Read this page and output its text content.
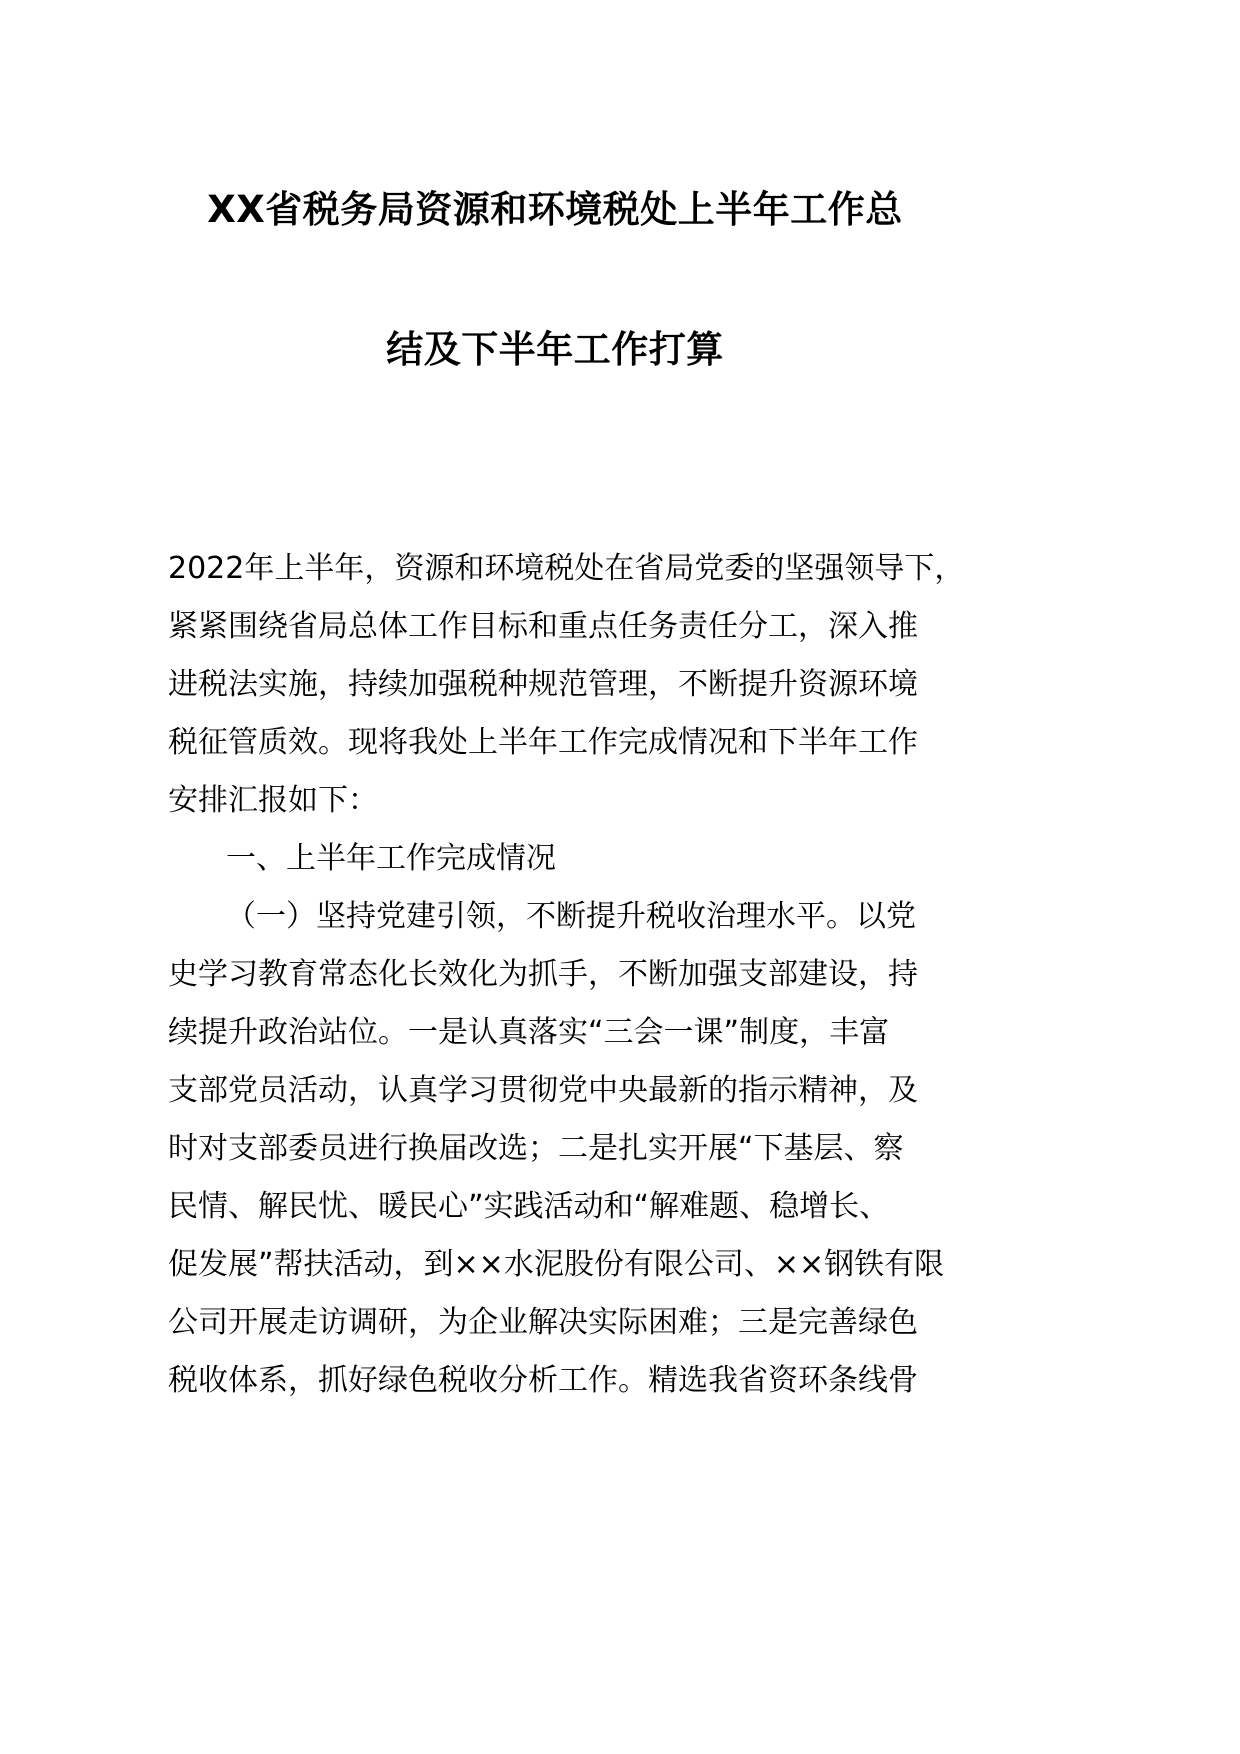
XX省税务局资源和环境税处上半年工作总
结及下半年工作打算
2022年上半年，资源和环境税处在省局党委的坚强领导下，
紧紧围绕省局总体工作目标和重点任务责任分工，深入推
进税法实施，持续加强税种规范管理，不断提升资源环境
税征管质效。现将我处上半年工作完成情况和下半年工作
安排汇报如下：
一、上半年工作完成情况
（一）坚持党建引领，不断提升税收治理水平。以党
史学习教育常态化长效化为抓手，不断加强支部建设，持
续提升政治站位。一是认真落实“三会一课”制度，丰富
支部党员活动，认真学习贯彻党中央最新的指示精神，及
时对支部委员进行换届改选；二是扎实开展“下基层、察
民情、解民忧、暖民心”实践活动和“解难题、稳增长、
促发展”帮扶活动，到××水泥股份有限公司、××钢铁有限
公司开展走访调研，为企业解决实际困难；三是完善绿色
税收体系，抓好绿色税收分析工作。精选我省资环条线骨
